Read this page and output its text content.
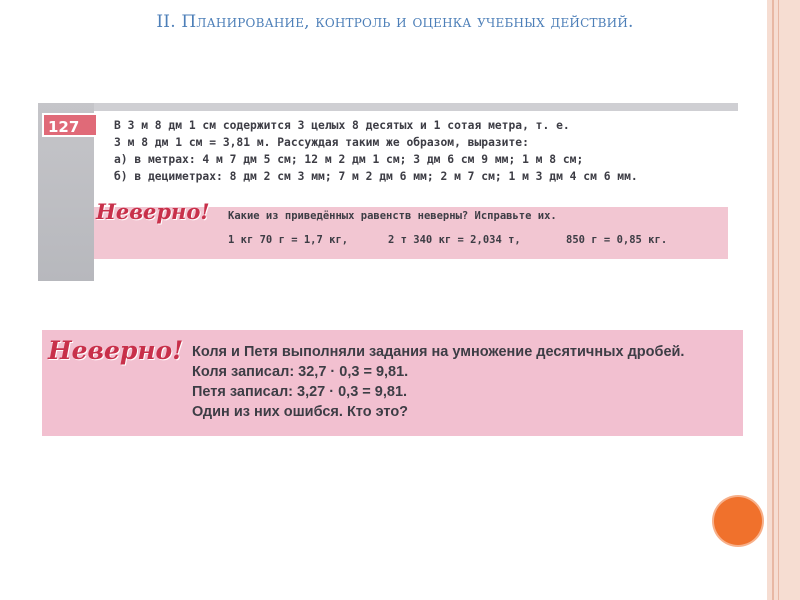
II. Планирование, контроль и оценка учебных действий.
127	В 3 м 8 дм 1 см содержится 3 целых 8 десятых и 1 сотая метра, т. е.
3 м 8 дм 1 см = 3,81 м. Рассуждая таким же образом, выразите:
а) в метрах: 4 м 7 дм 5 см; 12 м 2 дм 1 см; 3 дм 6 см 9 мм; 1 м 8 см;
б) в дециметрах: 8 дм 2 см 3 мм; 7 м 2 дм 6 мм; 2 м 7 см; 1 м 3 дм 4 см 6 мм.
Неверно! Какие из приведённых равенств неверны? Исправьте их.
1 кг 70 г = 1,7 кг,	2 т 340 кг = 2,034 т,	850 г = 0,85 кг.
Неверно! Коля и Петя выполняли задания на умножение десятичных дробей.
Коля записал: 32,7 · 0,3 = 9,81.
Петя записал: 3,27 · 0,3 = 9,81.
Один из них ошибся. Кто это?
